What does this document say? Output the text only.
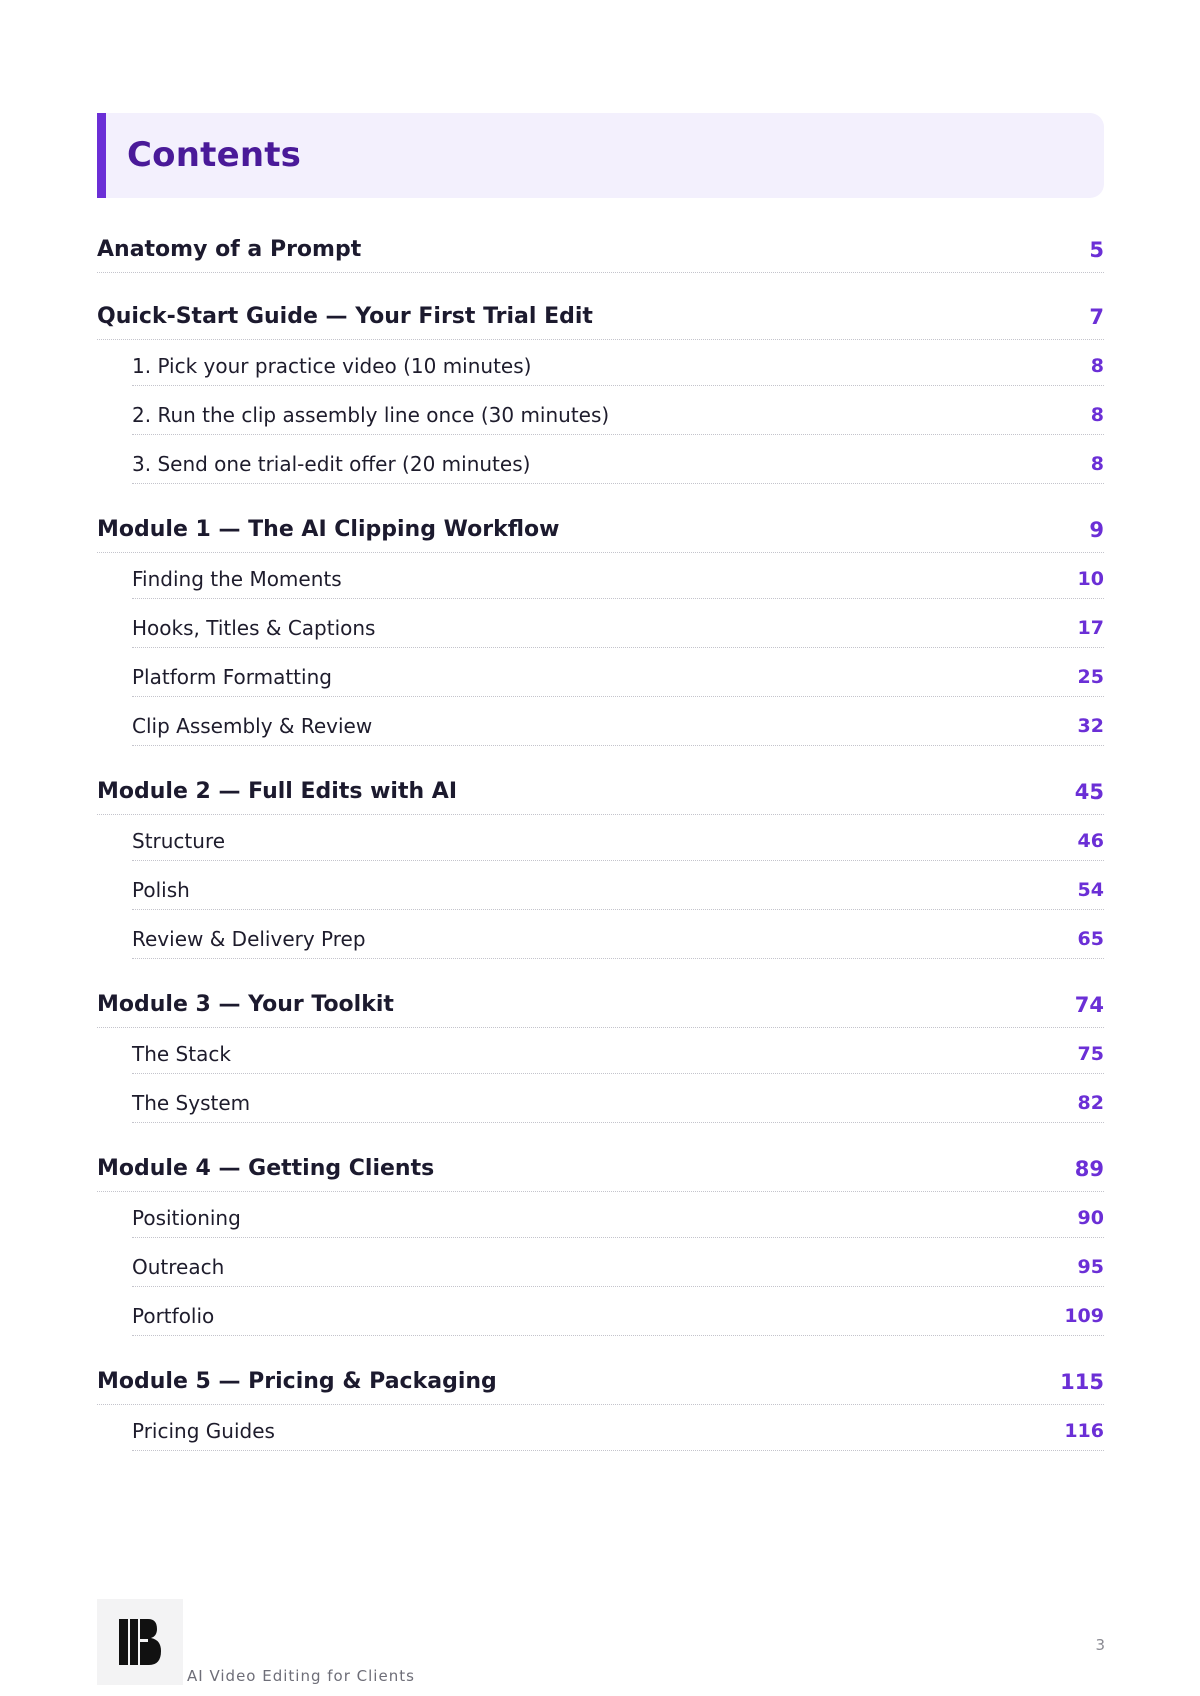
Contents
Anatomy of a Prompt	5
Quick-Start Guide — Your First Trial Edit	7
1. Pick your practice video (10 minutes)	8
2. Run the clip assembly line once (30 minutes)	8
3. Send one trial-edit offer (20 minutes)	8
Module 1 — The AI Clipping Workflow	9
Finding the Moments	10
Hooks, Titles & Captions	17
Platform Formatting	25
Clip Assembly & Review	32
Module 2 — Full Edits with AI	45
Structure	46
Polish	54
Review & Delivery Prep	65
Module 3 — Your Toolkit	74
The Stack	75
The System	82
Module 4 — Getting Clients	89
Positioning	90
Outreach	95
Portfolio	109
Module 5 — Pricing & Packaging	115
Pricing Guides	116
AI Video Editing for Clients
3
